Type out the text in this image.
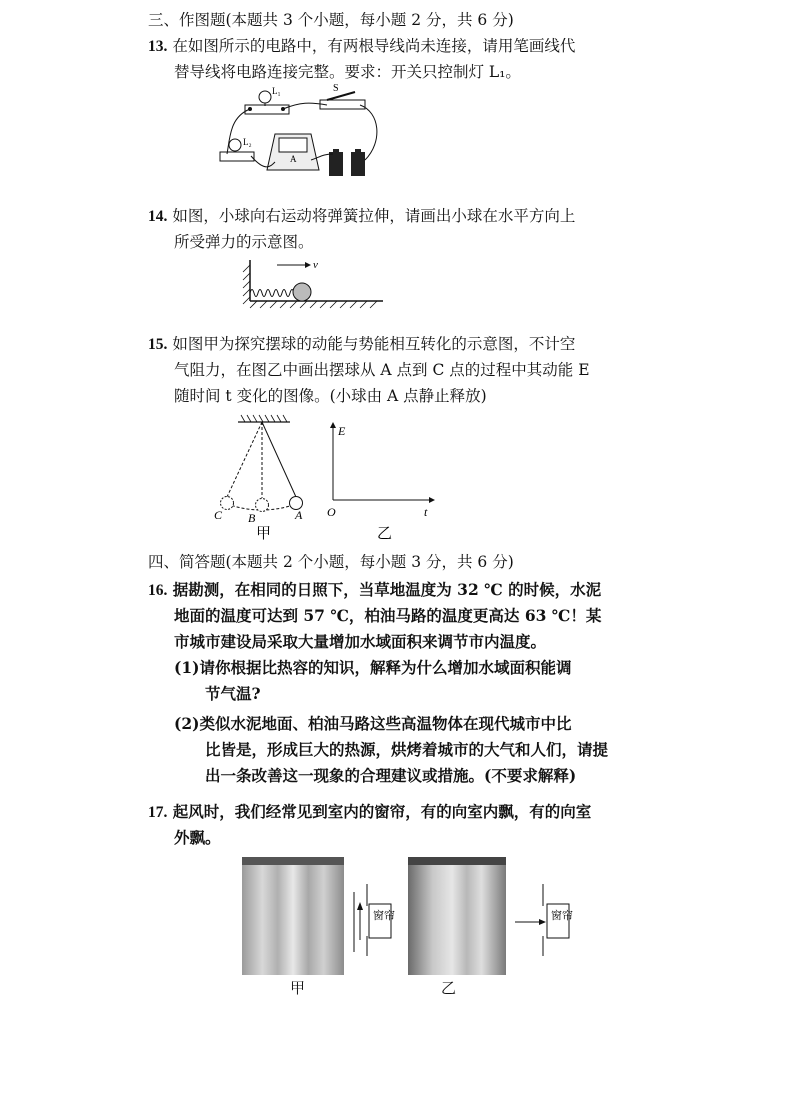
三、作图题(本题共 3 个小题，每小题 2 分，共 6 分)
13. 在如图所示的电路中，有两根导线尚未连接，请用笔画线代
替导线将电路连接完整。要求：开关只控制灯 L₁。
L₁	S
L₂
A
14. 如图，小球向右运动将弹簧拉伸，请画出小球在水平方向上
所受弹力的示意图。
v
15. 如图甲为探究摆球的动能与势能相互转化的示意图，不计空
气阻力，在图乙中画出摆球从 A 点到 C 点的过程中其动能 E
随时间 t 变化的图像。(小球由 A 点静止释放)
C B	A
甲
E
O	t
乙
四、简答题(本题共 2 个小题，每小题 3 分，共 6 分)
16. 据勘测，在相同的日照下，当草地温度为 32 ℃ 的时候，水泥
地面的温度可达到 57 ℃，柏油马路的温度更高达 63 ℃！某
市城市建设局采取大量增加水域面积来调节市内温度。
(1)请你根据比热容的知识，解释为什么增加水域面积能调
节气温?
(2)类似水泥地面、柏油马路这些高温物体在现代城市中比
比皆是，形成巨大的热源，烘烤着城市的大气和人们，请提
出一条改善这一现象的合理建议或措施。(不要求解释)
17. 起风时，我们经常见到室内的窗帘，有的向室内飘，有的向室
外飘。
窗帘	窗帘
甲	乙
